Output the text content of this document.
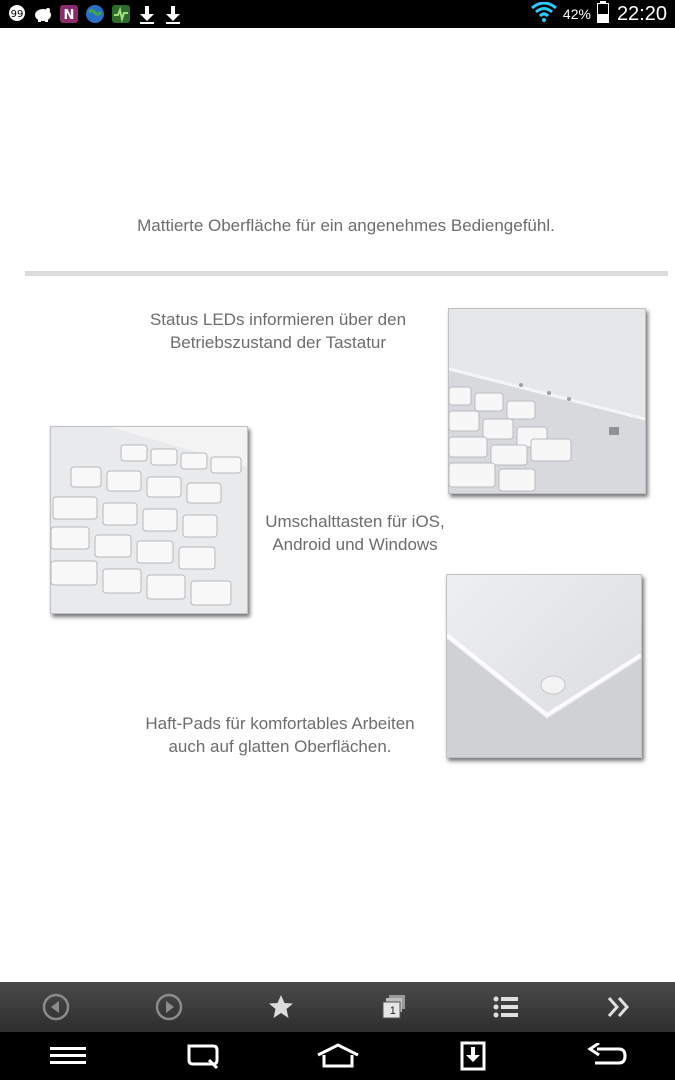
99	N	42% 22:20
Mattierte Oberfläche für ein angenehmes Bediengefühl.
Status LEDs informieren über den
Betriebszustand der Tastatur
Umschalttasten für iOS,
Android und Windows
Haft-Pads für komfortables Arbeiten
auch auf glatten Oberflächen.
1
